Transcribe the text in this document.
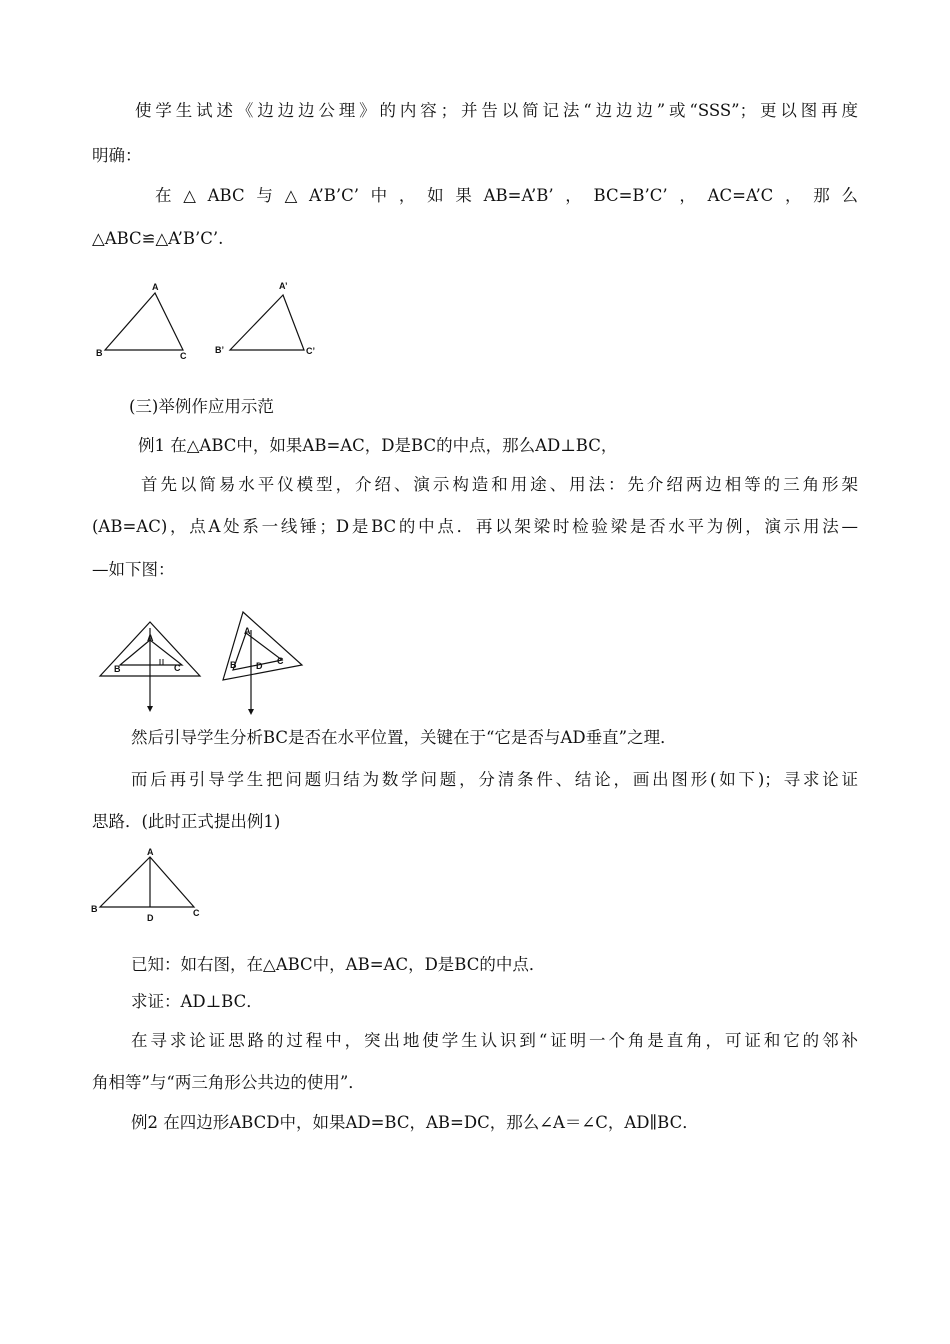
使学生试述《边边边公理》的内容；并告以简记法“边边边”或“SSS”；更以图再度
明确：
在△ABC与△A’B’C’中，如果AB=A’B’，BC=B’C’，AC=A’C，那么
△ABC≌△A’B’C’.
A
B	C
A’
B’	C’
(三)举例作应用示范
例1 在△ABC中，如果AB=AC，D是BC的中点，那么AD⊥BC，
首先以简易水平仪模型，介绍、演示构造和用途、用法：先介绍两边相等的三角形架
(AB=AC)，点A处系一线锤；D是BC的中点．再以架梁时检验梁是否水平为例，演示用法—
—如下图：
A
B	C
A
B	C
D
然后引导学生分析BC是否在水平位置，关键在于“它是否与AD垂直”之理．
而后再引导学生把问题归结为数学问题，分清条件、结论，画出图形(如下)；寻求论证
思路．(此时正式提出例1)
A
B	C
D
已知：如右图，在△ABC中，AB=AC，D是BC的中点．
求证：AD⊥BC．
在寻求论证思路的过程中，突出地使学生认识到“证明一个角是直角，可证和它的邻补
角相等”与“两三角形公共边的使用”．
例2 在四边形ABCD中，如果AD=BC，AB=DC，那么∠A＝∠C，AD∥BC．
